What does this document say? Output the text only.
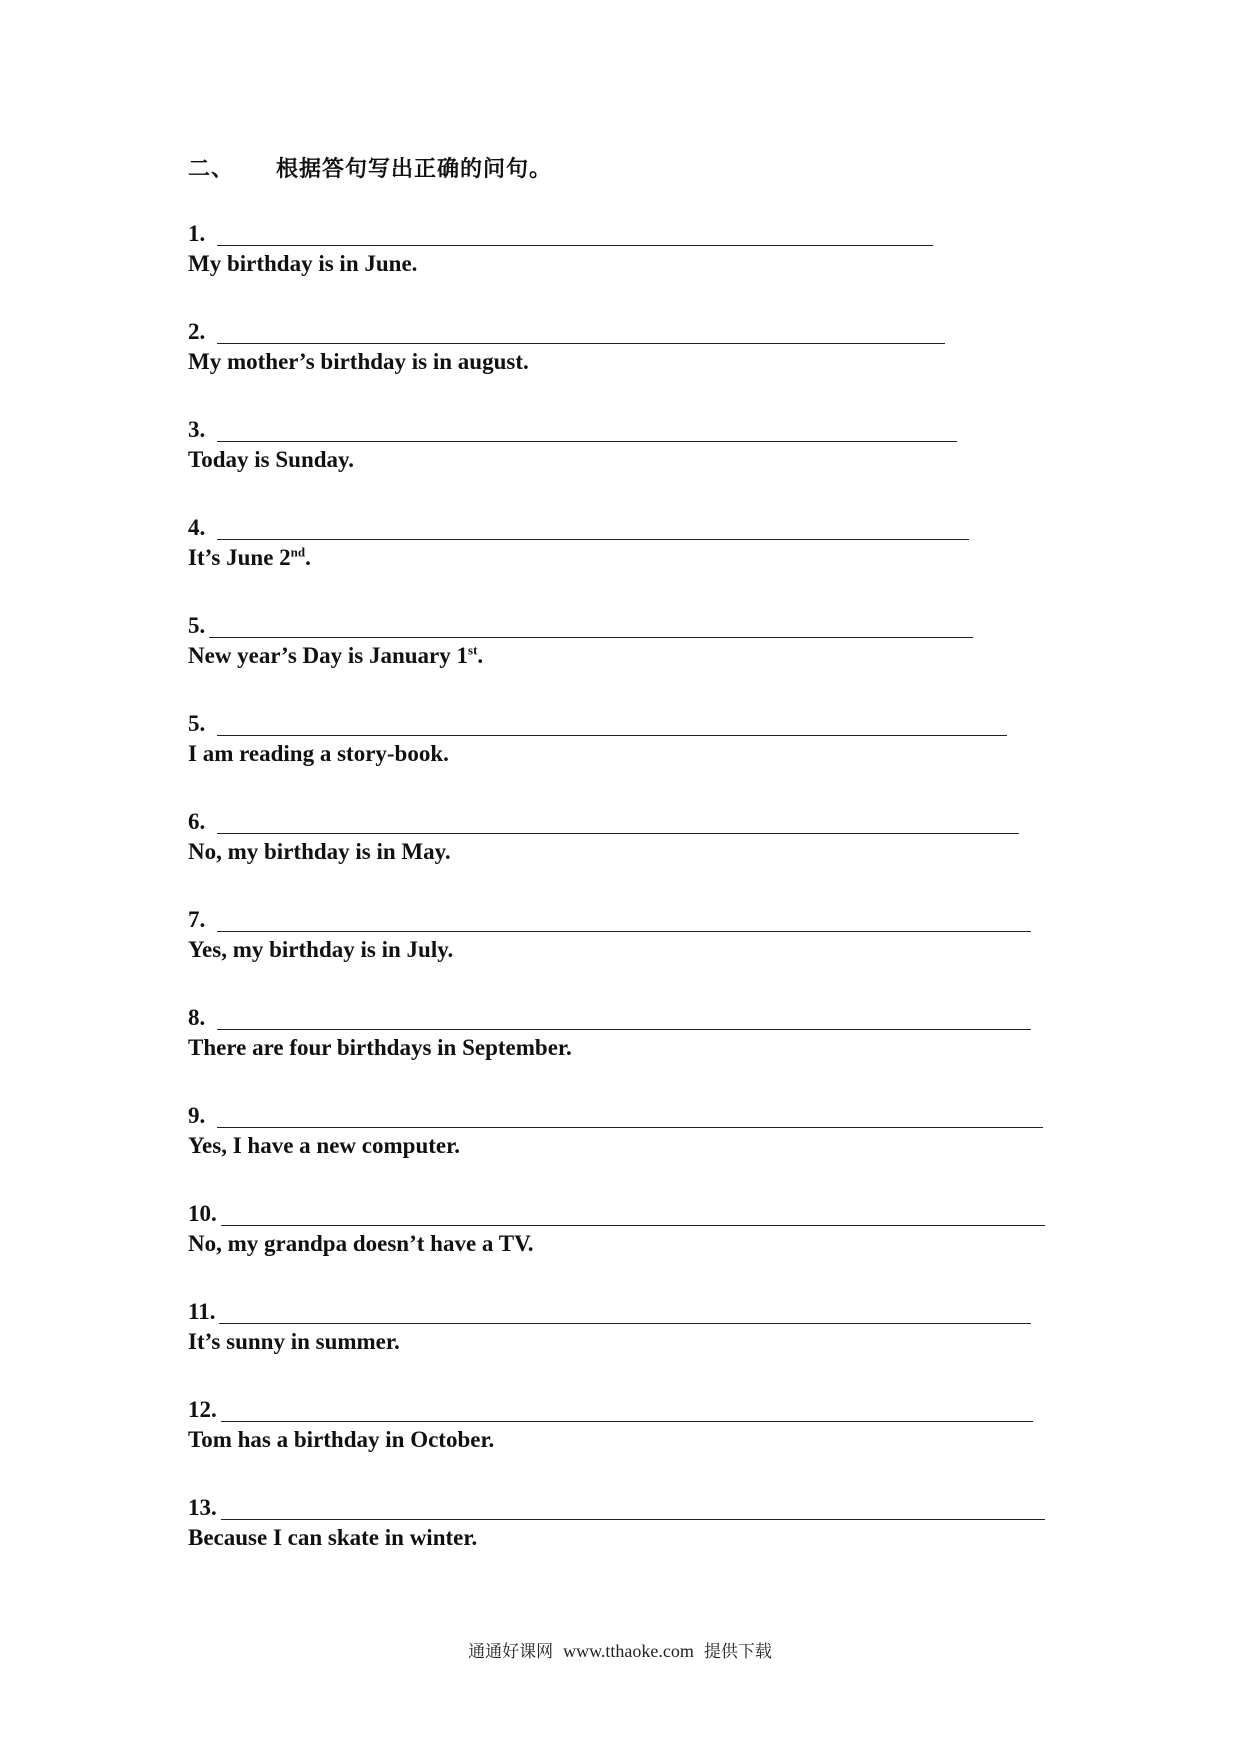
二、 根据答句写出正确的问句。
1.
My birthday is in June.
2.
My mother’s birthday is in august.
3.
Today is Sunday.
4.
It’s June 2nd.
5.
New year’s Day is January 1st.
5.
I am reading a story-book.
6.
No, my birthday is in May.
7.
Yes, my birthday is in July.
8.
There are four birthdays in September.
9.
Yes, I have a new computer.
10.
No, my grandpa doesn’t have a TV.
11.
It’s sunny in summer.
12.
Tom has a birthday in October.
13.
Because I can skate in winter.
通通好课网 www.tthaoke.com 提供下载
